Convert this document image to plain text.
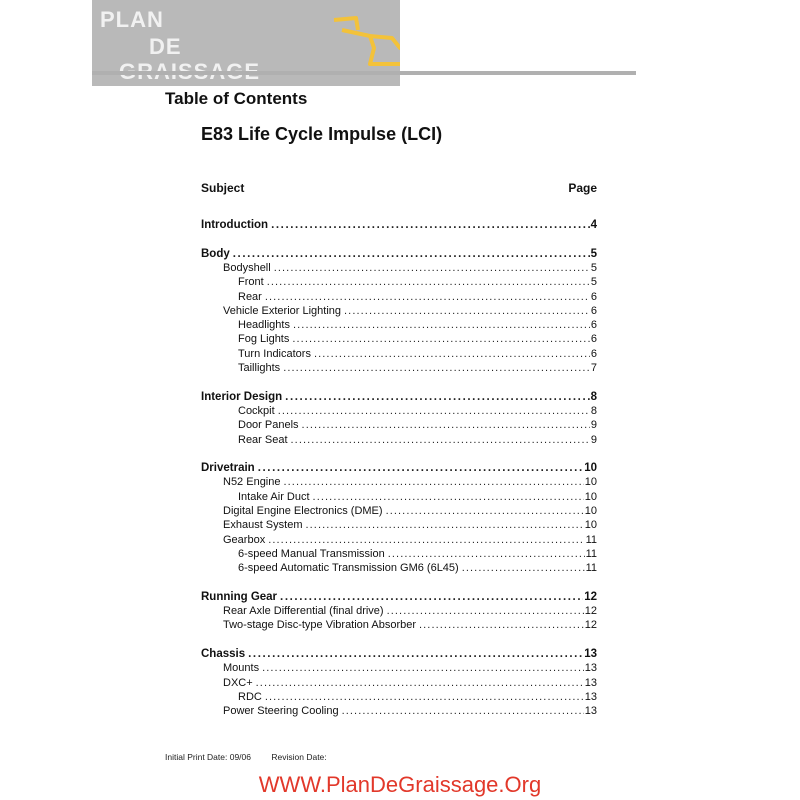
PLAN
DE
Table of Contents
E83 Life Cycle Impulse (LCI)
Subject	Page
Introduction .....	4
Body .....	5
Bodyshell .....	5
Front .....	5
Rear .....	6
Vehicle Exterior Lighting .....	6
Headlights .....	6
Fog Lights .....	6
Turn Indicators .....	6
Taillights .....	7
Interior Design .....	8
Cockpit .....	8
Door Panels .....	9
Rear Seat .....	9
Drivetrain .....	10
N52 Engine .....	10
Intake Air Duct .....	10
Digital Engine Electronics (DME) .....	10
Exhaust System .....	10
Gearbox .....	11
6-speed Manual Transmission .....	11
6-speed Automatic Transmission GM6 (6L45) .....	11
Running Gear .....	12
Rear Axle Differential (final drive) .....	12
Two-stage Disc-type Vibration Absorber .....	12
Chassis .....	13
Mounts .....	13
DXC+ .....	13
RDC .....	13
Power Steering Cooling .....	13
Initial Print Date: 09/06 Revision Date:
WWW.PlanDeGraissage.Org
